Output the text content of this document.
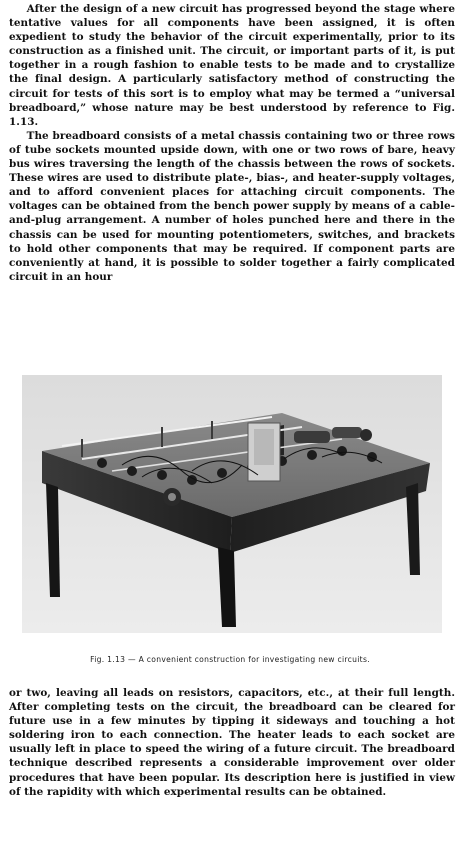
After the design of a new circuit has progressed beyond the stage where tentative values for all components have been assigned, it is often expedient to study the behavior of the circuit experimentally, prior to its construction as a finished unit. The circuit, or important parts of it, is put together in a rough fashion to enable tests to be made and to crystallize the final design. A particularly satisfactory method of constructing the circuit for tests of this sort is to employ what may be termed a “universal breadboard,” whose nature may be best understood by reference to Fig. 1.13.

The breadboard consists of a metal chassis containing two or three rows of tube sockets mounted upside down, with one or two rows of bare, heavy bus wires traversing the length of the chassis between the rows of sockets. These wires are used to distribute plate-, bias-, and heater-supply voltages, and to afford convenient places for attaching circuit components. The voltages can be obtained from the bench power supply by means of a cable-and-plug arrangement. A number of holes punched here and there in the chassis can be used for mounting potentiometers, switches, and brackets to hold other components that may be required. If component parts are conveniently at hand, it is possible to solder together a fairly complicated circuit in an hour

Fig. 1.13 — A convenient construction for investigating new circuits.

or two, leaving all leads on resistors, capacitors, etc., at their full length. After completing tests on the circuit, the breadboard can be cleared for future use in a few minutes by tipping it sideways and touching a hot soldering iron to each connection. The heater leads to each socket are usually left in place to speed the wiring of a future circuit. The breadboard technique described represents a considerable improvement over older procedures that have been popular. Its description here is justified in view of the rapidity with which experimental results can be obtained.
